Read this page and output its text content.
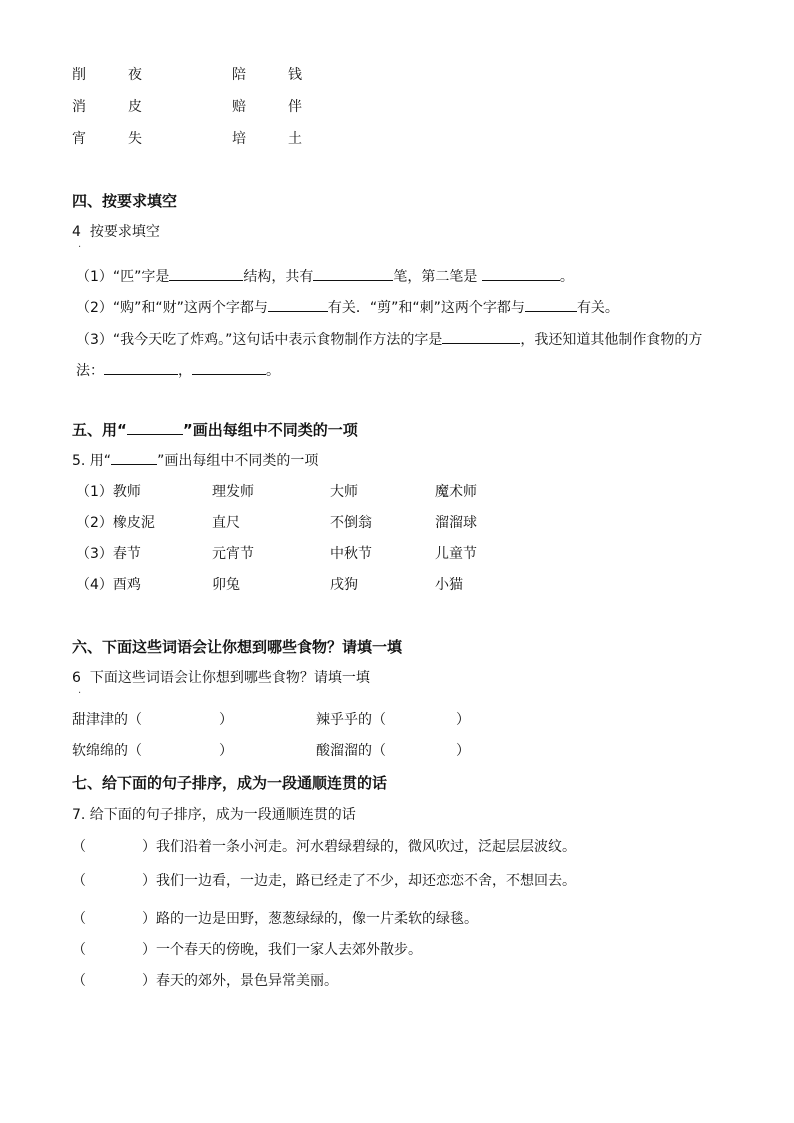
削	夜	陪	钱
消	皮	赔	伴
宵	失	培	土
四、按要求填空
4 按要求填空
·
（1）“匹”字是	结构，共有	笔，第二笔是	。
（2）“购”和“财”这两个字都与	有关．“剪”和“刺”这两个字都与	有关。
（3）“我今天吃了炸鸡。”这句话中表示食物制作方法的字是	，我还知道其他制作食物的方
法：	，	。
五、用“	”画出每组中不同类的一项
5. 用“	”画出每组中不同类的一项
（1）教师	理发师	大师	魔术师
（2）橡皮泥	直尺	不倒翁	溜溜球
（3）春节	元宵节	中秋节	儿童节
（4）酉鸡	卯兔	戌狗	小猫
六、下面这些词语会让你想到哪些食物？请填一填
6 下面这些词语会让你想到哪些食物？请填一填
·
甜津津的（	）	辣乎乎的（	）
软绵绵的（	）	酸溜溜的（	）
七、给下面的句子排序，成为一段通顺连贯的话
7. 给下面的句子排序，成为一段通顺连贯的话
（	） 我们沿着一条小河走。河水碧绿碧绿的，微风吹过，泛起层层波纹。
（	） 我们一边看，一边走，路已经走了不少，却还恋恋不舍，不想回去。
（	） 路的一边是田野，葱葱绿绿的，像一片柔软的绿毯。
（	） 一个春天的傍晚，我们一家人去郊外散步。
（	） 春天的郊外，景色异常美丽。
